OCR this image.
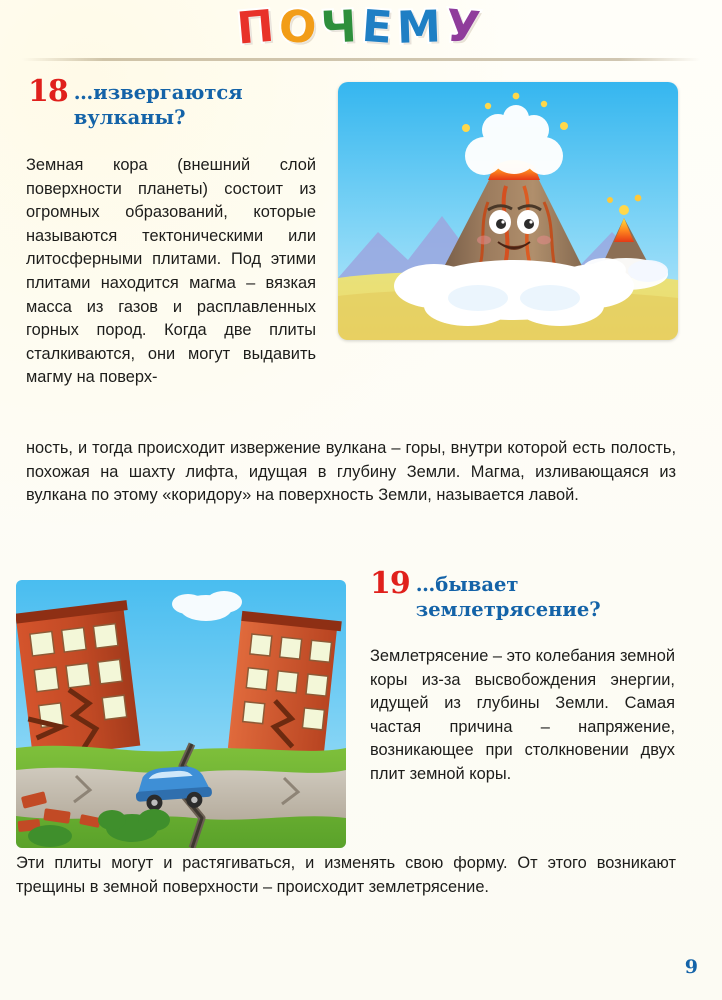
ПОЧЕМУ
18 …извергаются
вулканы?
Земная кора (внешний слой поверхности планеты) состоит из огромных образований, которые называются тектоническими или литосферными плитами. Под этими плитами находится магма – вязкая масса из газов и расплавленных горных пород. Когда две плиты сталкиваются, они могут выдавить магму на поверх-
ность, и тогда происходит извержение вулкана – горы, внутри которой есть полость, похожая на шахту лифта, идущая в глубину Земли. Магма, изливающаяся из вулкана по этому «коридору» на поверхность Земли, называется лавой.
19 …бывает
землетрясение?
Землетрясение – это колебания земной коры из-за высвобождения энергии, идущей из глубины Земли. Самая частая причина – напряжение, возникающее при столкновении двух плит земной коры.
Эти плиты могут и растягиваться, и изменять свою форму. От этого возникают трещины в земной поверхности – происходит землетрясение.
9
